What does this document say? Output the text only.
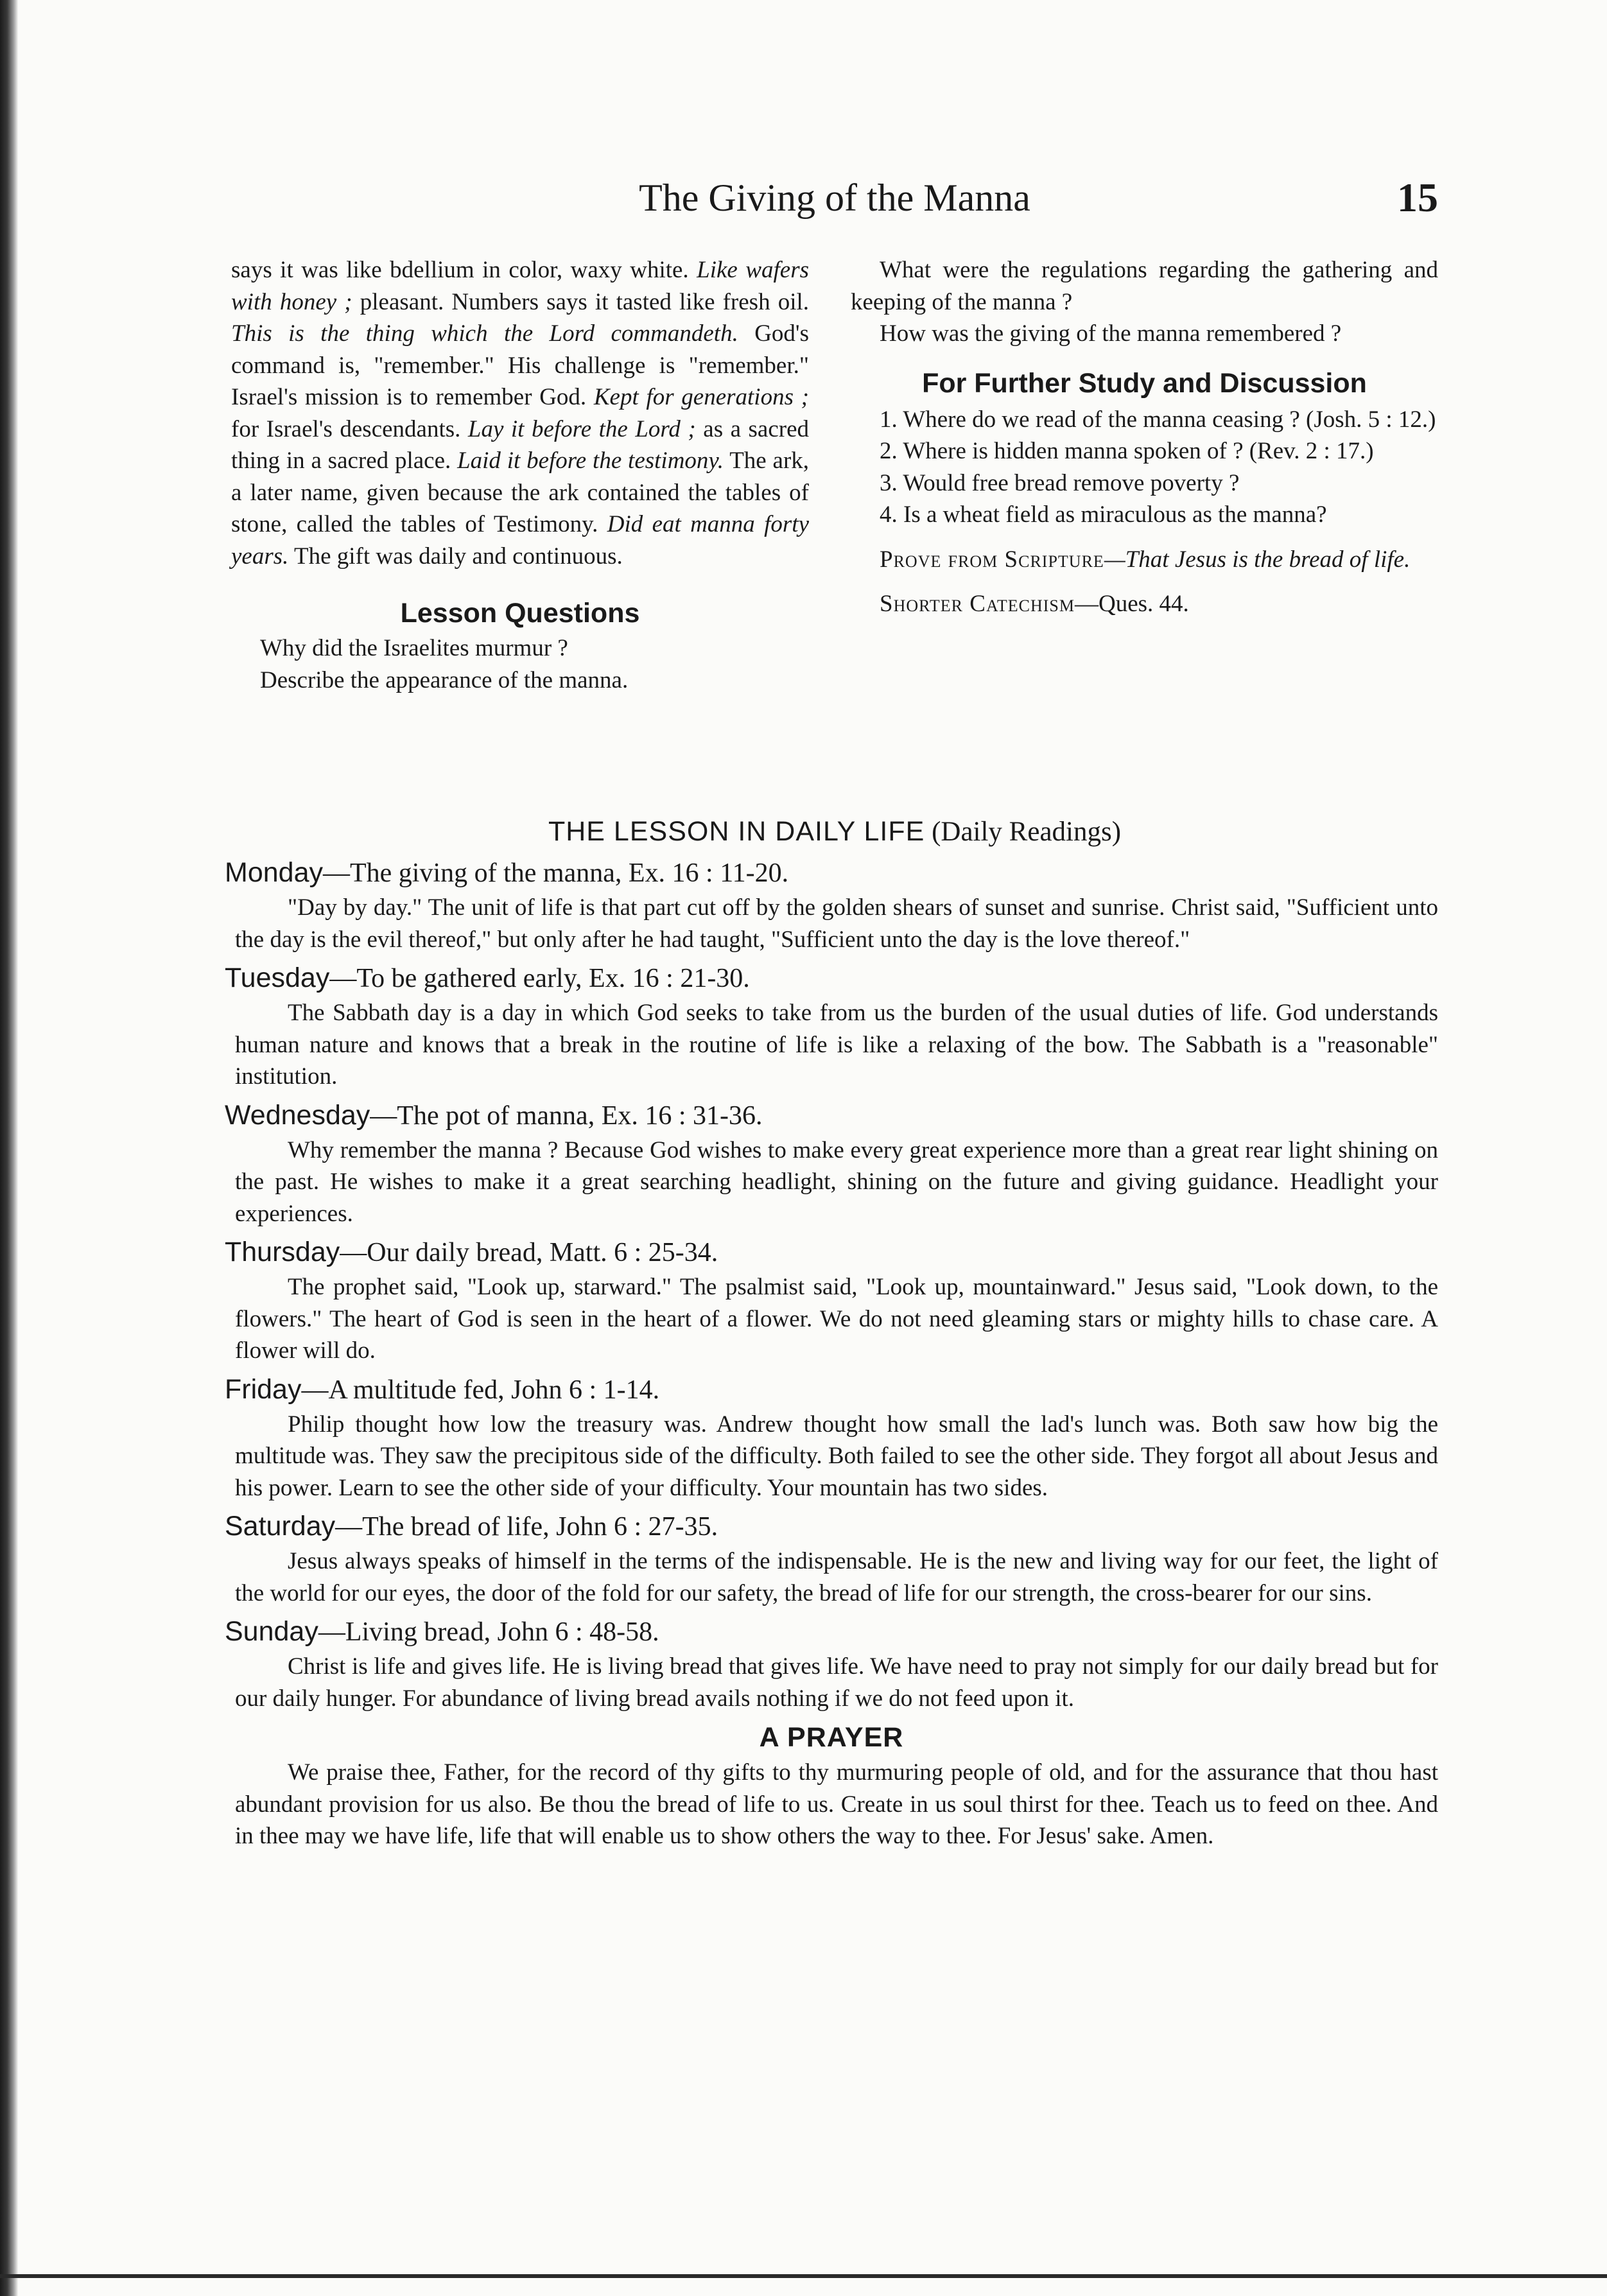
The Giving of the Manna	15

says it was like bdellium in color, waxy white. Like wafers with honey ; pleasant. Numbers says it tasted like fresh oil. This is the thing which the Lord commandeth. God's command is, "remember." His challenge is "remember." Israel's mission is to remember God. Kept for generations ; for Israel's descendants. Lay it before the Lord ; as a sacred thing in a sacred place. Laid it before the testimony. The ark, a later name, given because the ark contained the tables of stone, called the tables of Testimony. Did eat manna forty years. The gift was daily and continuous.

Lesson Questions

Why did the Israelites murmur ?

Describe the appearance of the manna.

What were the regulations regarding the gathering and keeping of the manna ?

How was the giving of the manna remembered ?

For Further Study and Discussion

1. Where do we read of the manna ceasing ? (Josh. 5 : 12.)

2. Where is hidden manna spoken of ? (Rev. 2 : 17.)

3. Would free bread remove poverty ?

4. Is a wheat field as miraculous as the manna?

Prove from Scripture—That Jesus is the bread of life.

Shorter Catechism—Ques. 44.

THE LESSON IN DAILY LIFE (Daily Readings)

Monday—The giving of the manna, Ex. 16 : 11-20.

"Day by day." The unit of life is that part cut off by the golden shears of sunset and sunrise. Christ said, "Sufficient unto the day is the evil thereof," but only after he had taught, "Sufficient unto the day is the love thereof."

Tuesday—To be gathered early, Ex. 16 : 21-30.

The Sabbath day is a day in which God seeks to take from us the burden of the usual duties of life. God understands human nature and knows that a break in the routine of life is like a relaxing of the bow. The Sabbath is a "reasonable" institution.

Wednesday—The pot of manna, Ex. 16 : 31-36.

Why remember the manna ? Because God wishes to make every great experience more than a great rear light shining on the past. He wishes to make it a great searching headlight, shining on the future and giving guidance. Headlight your experiences.

Thursday—Our daily bread, Matt. 6 : 25-34.

The prophet said, "Look up, starward." The psalmist said, "Look up, mountainward." Jesus said, "Look down, to the flowers." The heart of God is seen in the heart of a flower. We do not need gleaming stars or mighty hills to chase care. A flower will do.

Friday—A multitude fed, John 6 : 1-14.

Philip thought how low the treasury was. Andrew thought how small the lad's lunch was. Both saw how big the multitude was. They saw the precipitous side of the difficulty. Both failed to see the other side. They forgot all about Jesus and his power. Learn to see the other side of your difficulty. Your mountain has two sides.

Saturday—The bread of life, John 6 : 27-35.

Jesus always speaks of himself in the terms of the indispensable. He is the new and living way for our feet, the light of the world for our eyes, the door of the fold for our safety, the bread of life for our strength, the cross-bearer for our sins.

Sunday—Living bread, John 6 : 48-58.

Christ is life and gives life. He is living bread that gives life. We have need to pray not simply for our daily bread but for our daily hunger. For abundance of living bread avails nothing if we do not feed upon it.

A PRAYER

We praise thee, Father, for the record of thy gifts to thy murmuring people of old, and for the assurance that thou hast abundant provision for us also. Be thou the bread of life to us. Create in us soul thirst for thee. Teach us to feed on thee. And in thee may we have life, life that will enable us to show others the way to thee. For Jesus' sake. Amen.
